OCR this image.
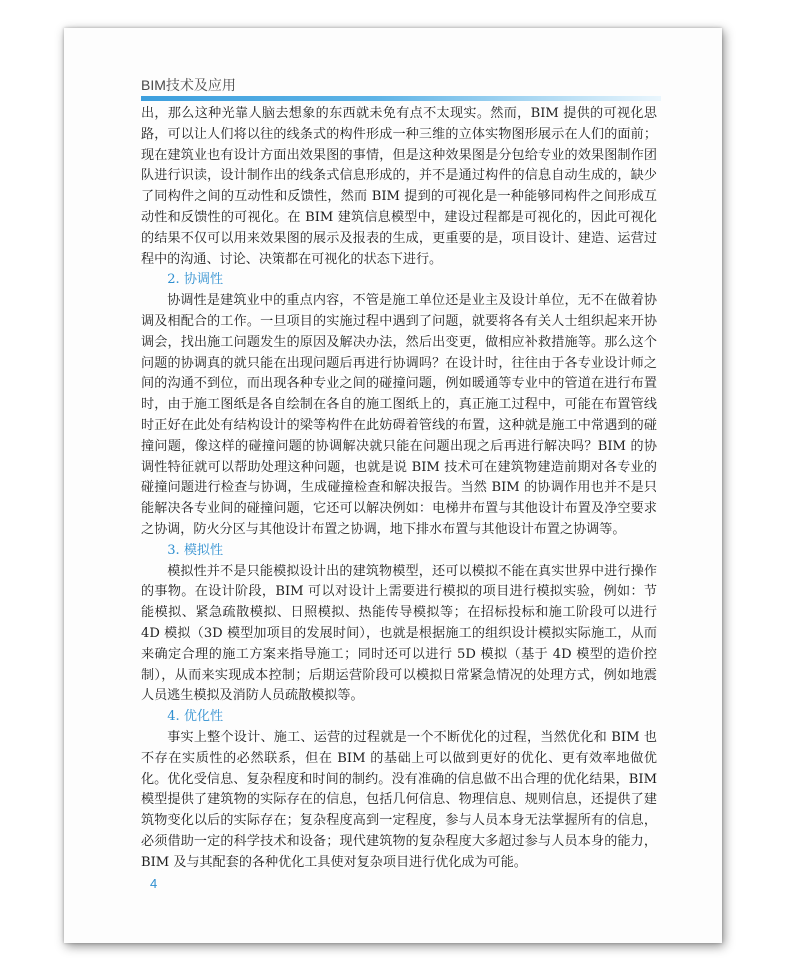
BIM技术及应用

出，那么这种光靠人脑去想象的东西就未免有点不太现实。然而，BIM 提供的可视化思路，可以让人们将以往的线条式的构件形成一种三维的立体实物图形展示在人们的面前；现在建筑业也有设计方面出效果图的事情，但是这种效果图是分包给专业的效果图制作团队进行识读，设计制作出的线条式信息形成的，并不是通过构件的信息自动生成的，缺少了同构件之间的互动性和反馈性，然而 BIM 提到的可视化是一种能够同构件之间形成互动性和反馈性的可视化。在 BIM 建筑信息模型中，建设过程都是可视化的，因此可视化的结果不仅可以用来效果图的展示及报表的生成，更重要的是，项目设计、建造、运营过程中的沟通、讨论、决策都在可视化的状态下进行。

2. 协调性

协调性是建筑业中的重点内容，不管是施工单位还是业主及设计单位，无不在做着协调及相配合的工作。一旦项目的实施过程中遇到了问题，就要将各有关人士组织起来开协调会，找出施工问题发生的原因及解决办法，然后出变更，做相应补救措施等。那么这个问题的协调真的就只能在出现问题后再进行协调吗？在设计时，往往由于各专业设计师之间的沟通不到位，而出现各种专业之间的碰撞问题，例如暖通等专业中的管道在进行布置时，由于施工图纸是各自绘制在各自的施工图纸上的，真正施工过程中，可能在布置管线时正好在此处有结构设计的梁等构件在此妨碍着管线的布置，这种就是施工中常遇到的碰撞问题，像这样的碰撞问题的协调解决就只能在问题出现之后再进行解决吗？BIM 的协调性特征就可以帮助处理这种问题，也就是说 BIM 技术可在建筑物建造前期对各专业的碰撞问题进行检查与协调，生成碰撞检查和解决报告。当然 BIM 的协调作用也并不是只能解决各专业间的碰撞问题，它还可以解决例如：电梯井布置与其他设计布置及净空要求之协调，防火分区与其他设计布置之协调，地下排水布置与其他设计布置之协调等。

3. 模拟性

模拟性并不是只能模拟设计出的建筑物模型，还可以模拟不能在真实世界中进行操作的事物。在设计阶段，BIM 可以对设计上需要进行模拟的项目进行模拟实验，例如：节能模拟、紧急疏散模拟、日照模拟、热能传导模拟等；在招标投标和施工阶段可以进行 4D 模拟（3D 模型加项目的发展时间），也就是根据施工的组织设计模拟实际施工，从而来确定合理的施工方案来指导施工；同时还可以进行 5D 模拟（基于 4D 模型的造价控制），从而来实现成本控制；后期运营阶段可以模拟日常紧急情况的处理方式，例如地震人员逃生模拟及消防人员疏散模拟等。

4. 优化性

事实上整个设计、施工、运营的过程就是一个不断优化的过程，当然优化和 BIM 也不存在实质性的必然联系，但在 BIM 的基础上可以做到更好的优化、更有效率地做优化。优化受信息、复杂程度和时间的制约。没有准确的信息做不出合理的优化结果，BIM 模型提供了建筑物的实际存在的信息，包括几何信息、物理信息、规则信息，还提供了建筑物变化以后的实际存在；复杂程度高到一定程度，参与人员本身无法掌握所有的信息，必须借助一定的科学技术和设备；现代建筑物的复杂程度大多超过参与人员本身的能力，BIM 及与其配套的各种优化工具使对复杂项目进行优化成为可能。

4
